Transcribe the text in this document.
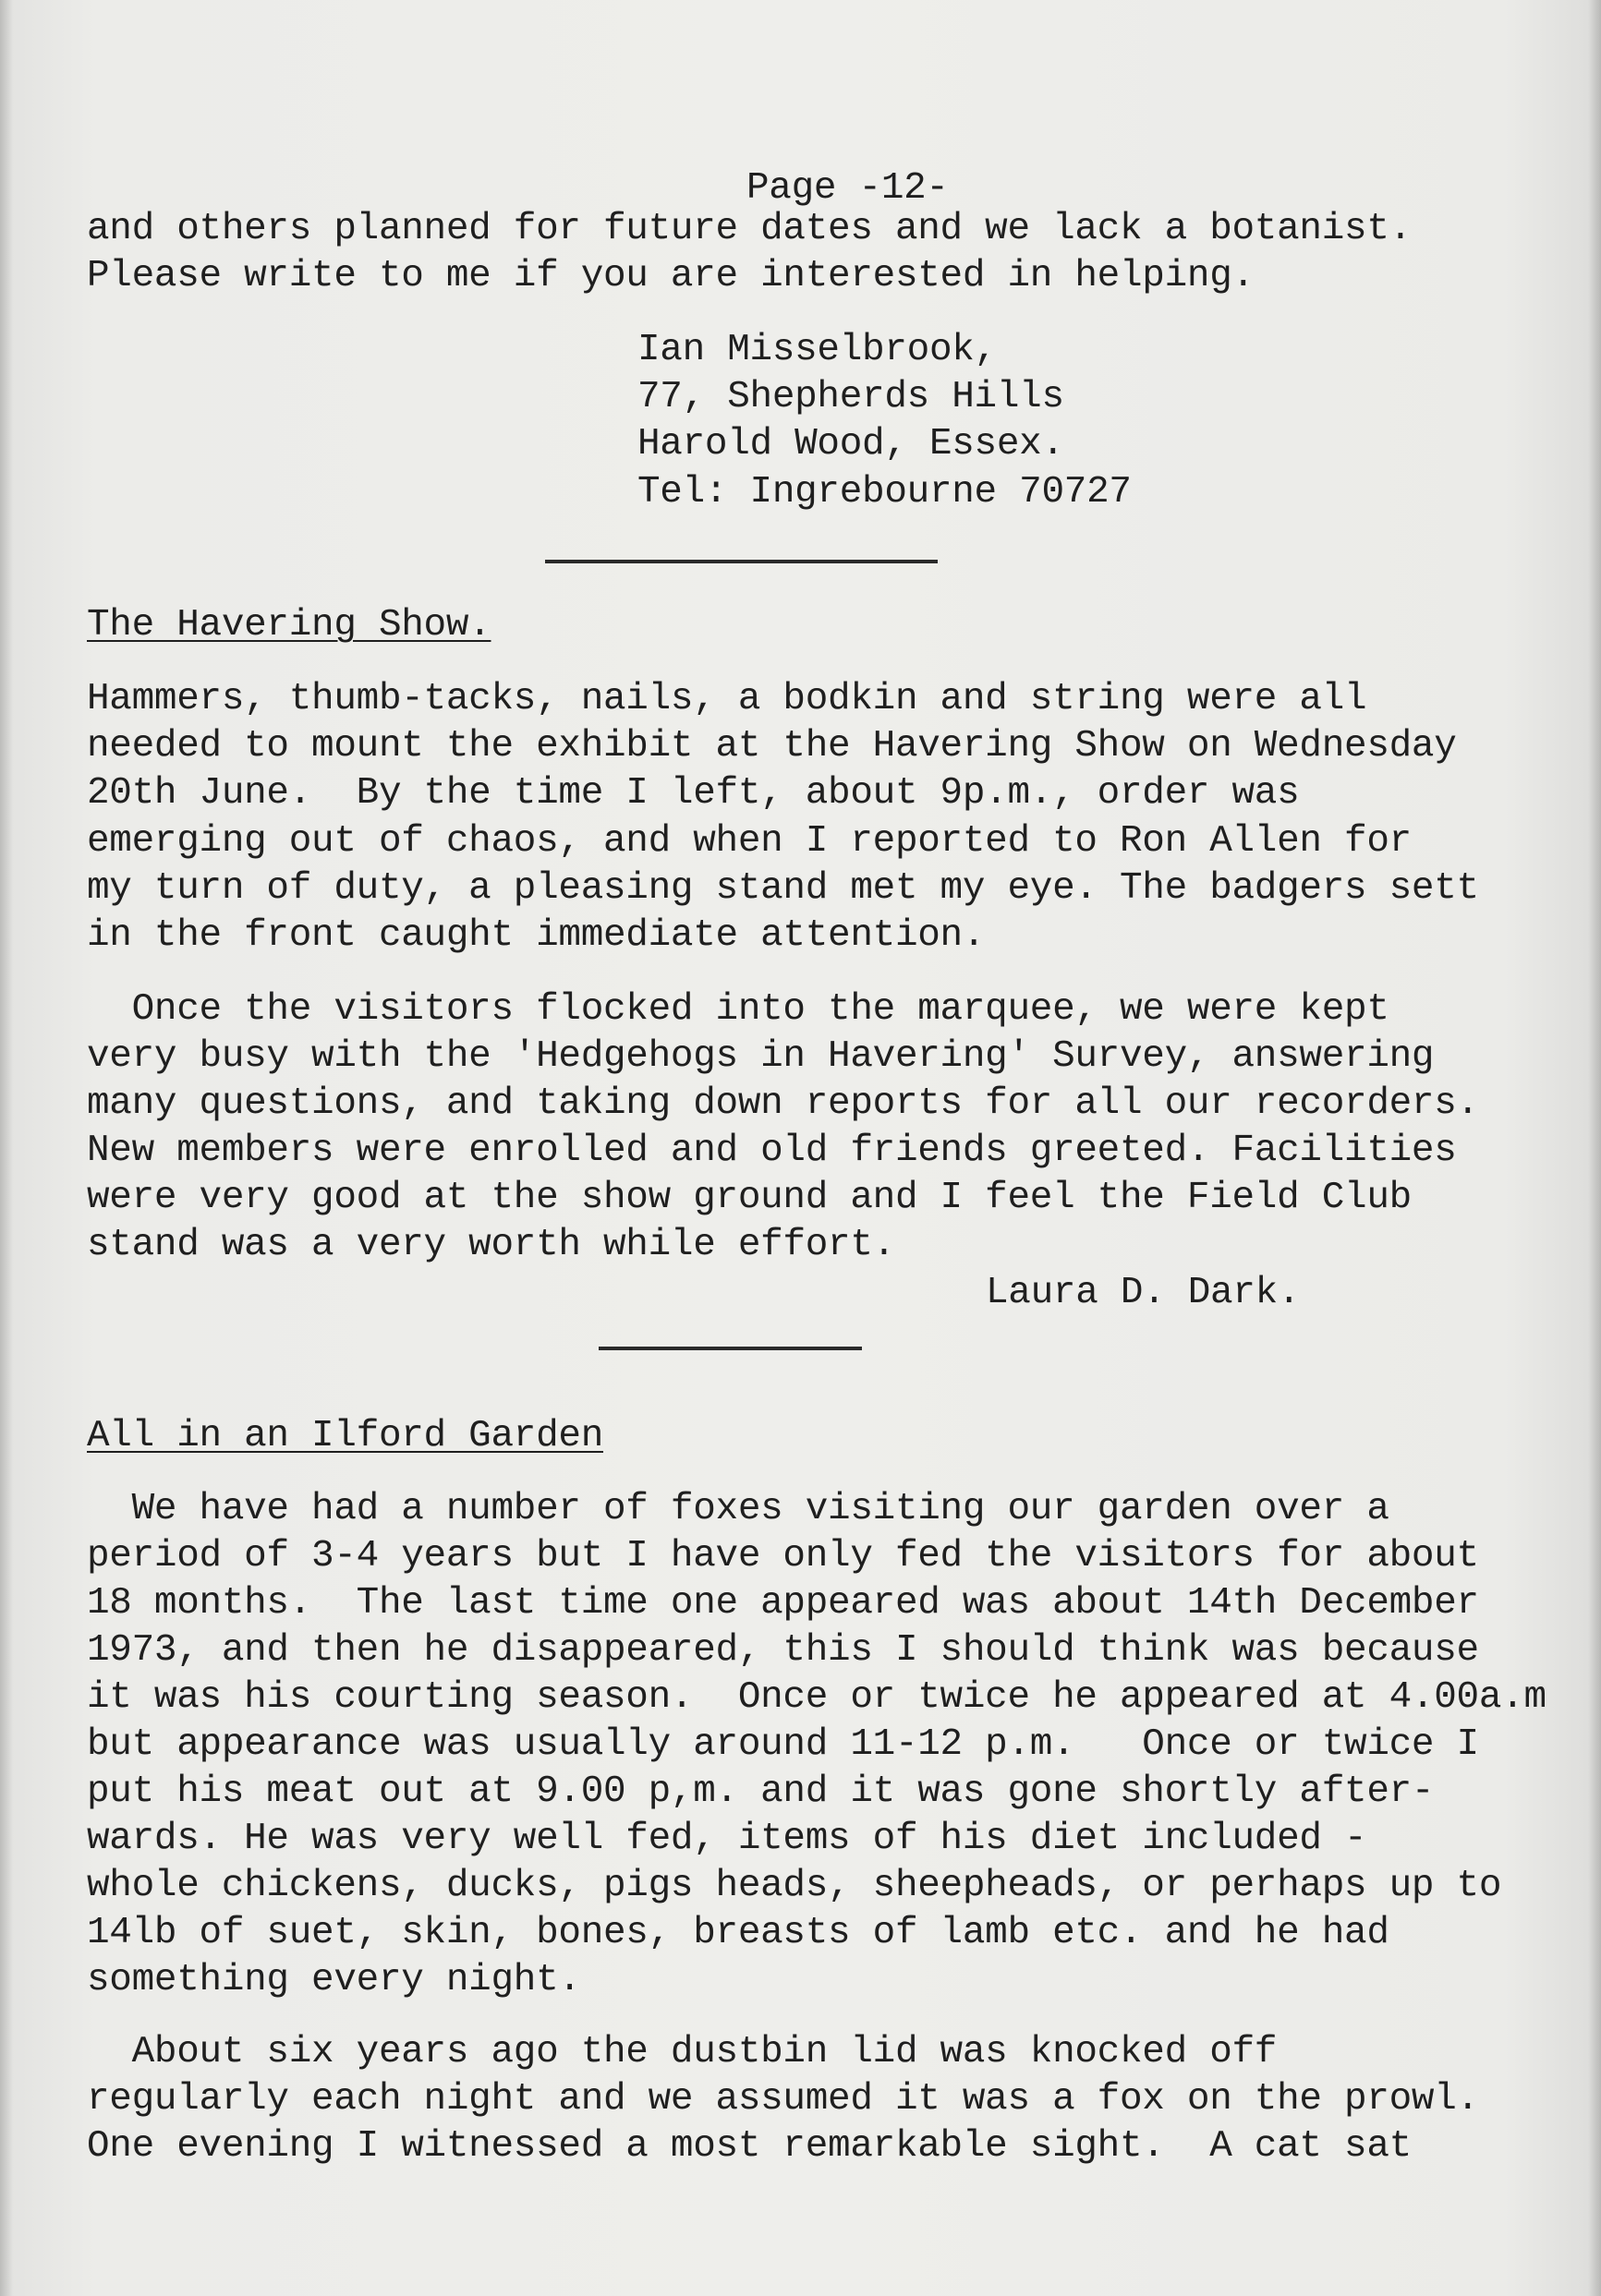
Page -12-
and others planned for future dates and we lack a botanist.
Please write to me if you are interested in helping.
Ian Misselbrook,
77, Shepherds Hills
Harold Wood, Essex.
Tel: Ingrebourne 70727
The Havering Show.
Hammers, thumb-tacks, nails, a bodkin and string were all
needed to mount the exhibit at the Havering Show on Wednesday
20th June.  By the time I left, about 9p.m., order was
emerging out of chaos, and when I reported to Ron Allen for
my turn of duty, a pleasing stand met my eye. The badgers sett
in the front caught immediate attention.
Once the visitors flocked into the marquee, we were kept
very busy with the 'Hedgehogs in Havering' Survey, answering
many questions, and taking down reports for all our recorders.
New members were enrolled and old friends greeted. Facilities
were very good at the show ground and I feel the Field Club
stand was a very worth while effort.
Laura D. Dark.
All in an Ilford Garden
We have had a number of foxes visiting our garden over a
period of 3-4 years but I have only fed the visitors for about
18 months.  The last time one appeared was about 14th December
1973, and then he disappeared, this I should think was because
it was his courting season.  Once or twice he appeared at 4.00a.m
but appearance was usually around 11-12 p.m.   Once or twice I
put his meat out at 9.00 p,m. and it was gone shortly after-
wards. He was very well fed, items of his diet included -
whole chickens, ducks, pigs heads, sheepheads, or perhaps up to
14lb of suet, skin, bones, breasts of lamb etc. and he had
something every night.
About six years ago the dustbin lid was knocked off
regularly each night and we assumed it was a fox on the prowl.
One evening I witnessed a most remarkable sight.  A cat sat
